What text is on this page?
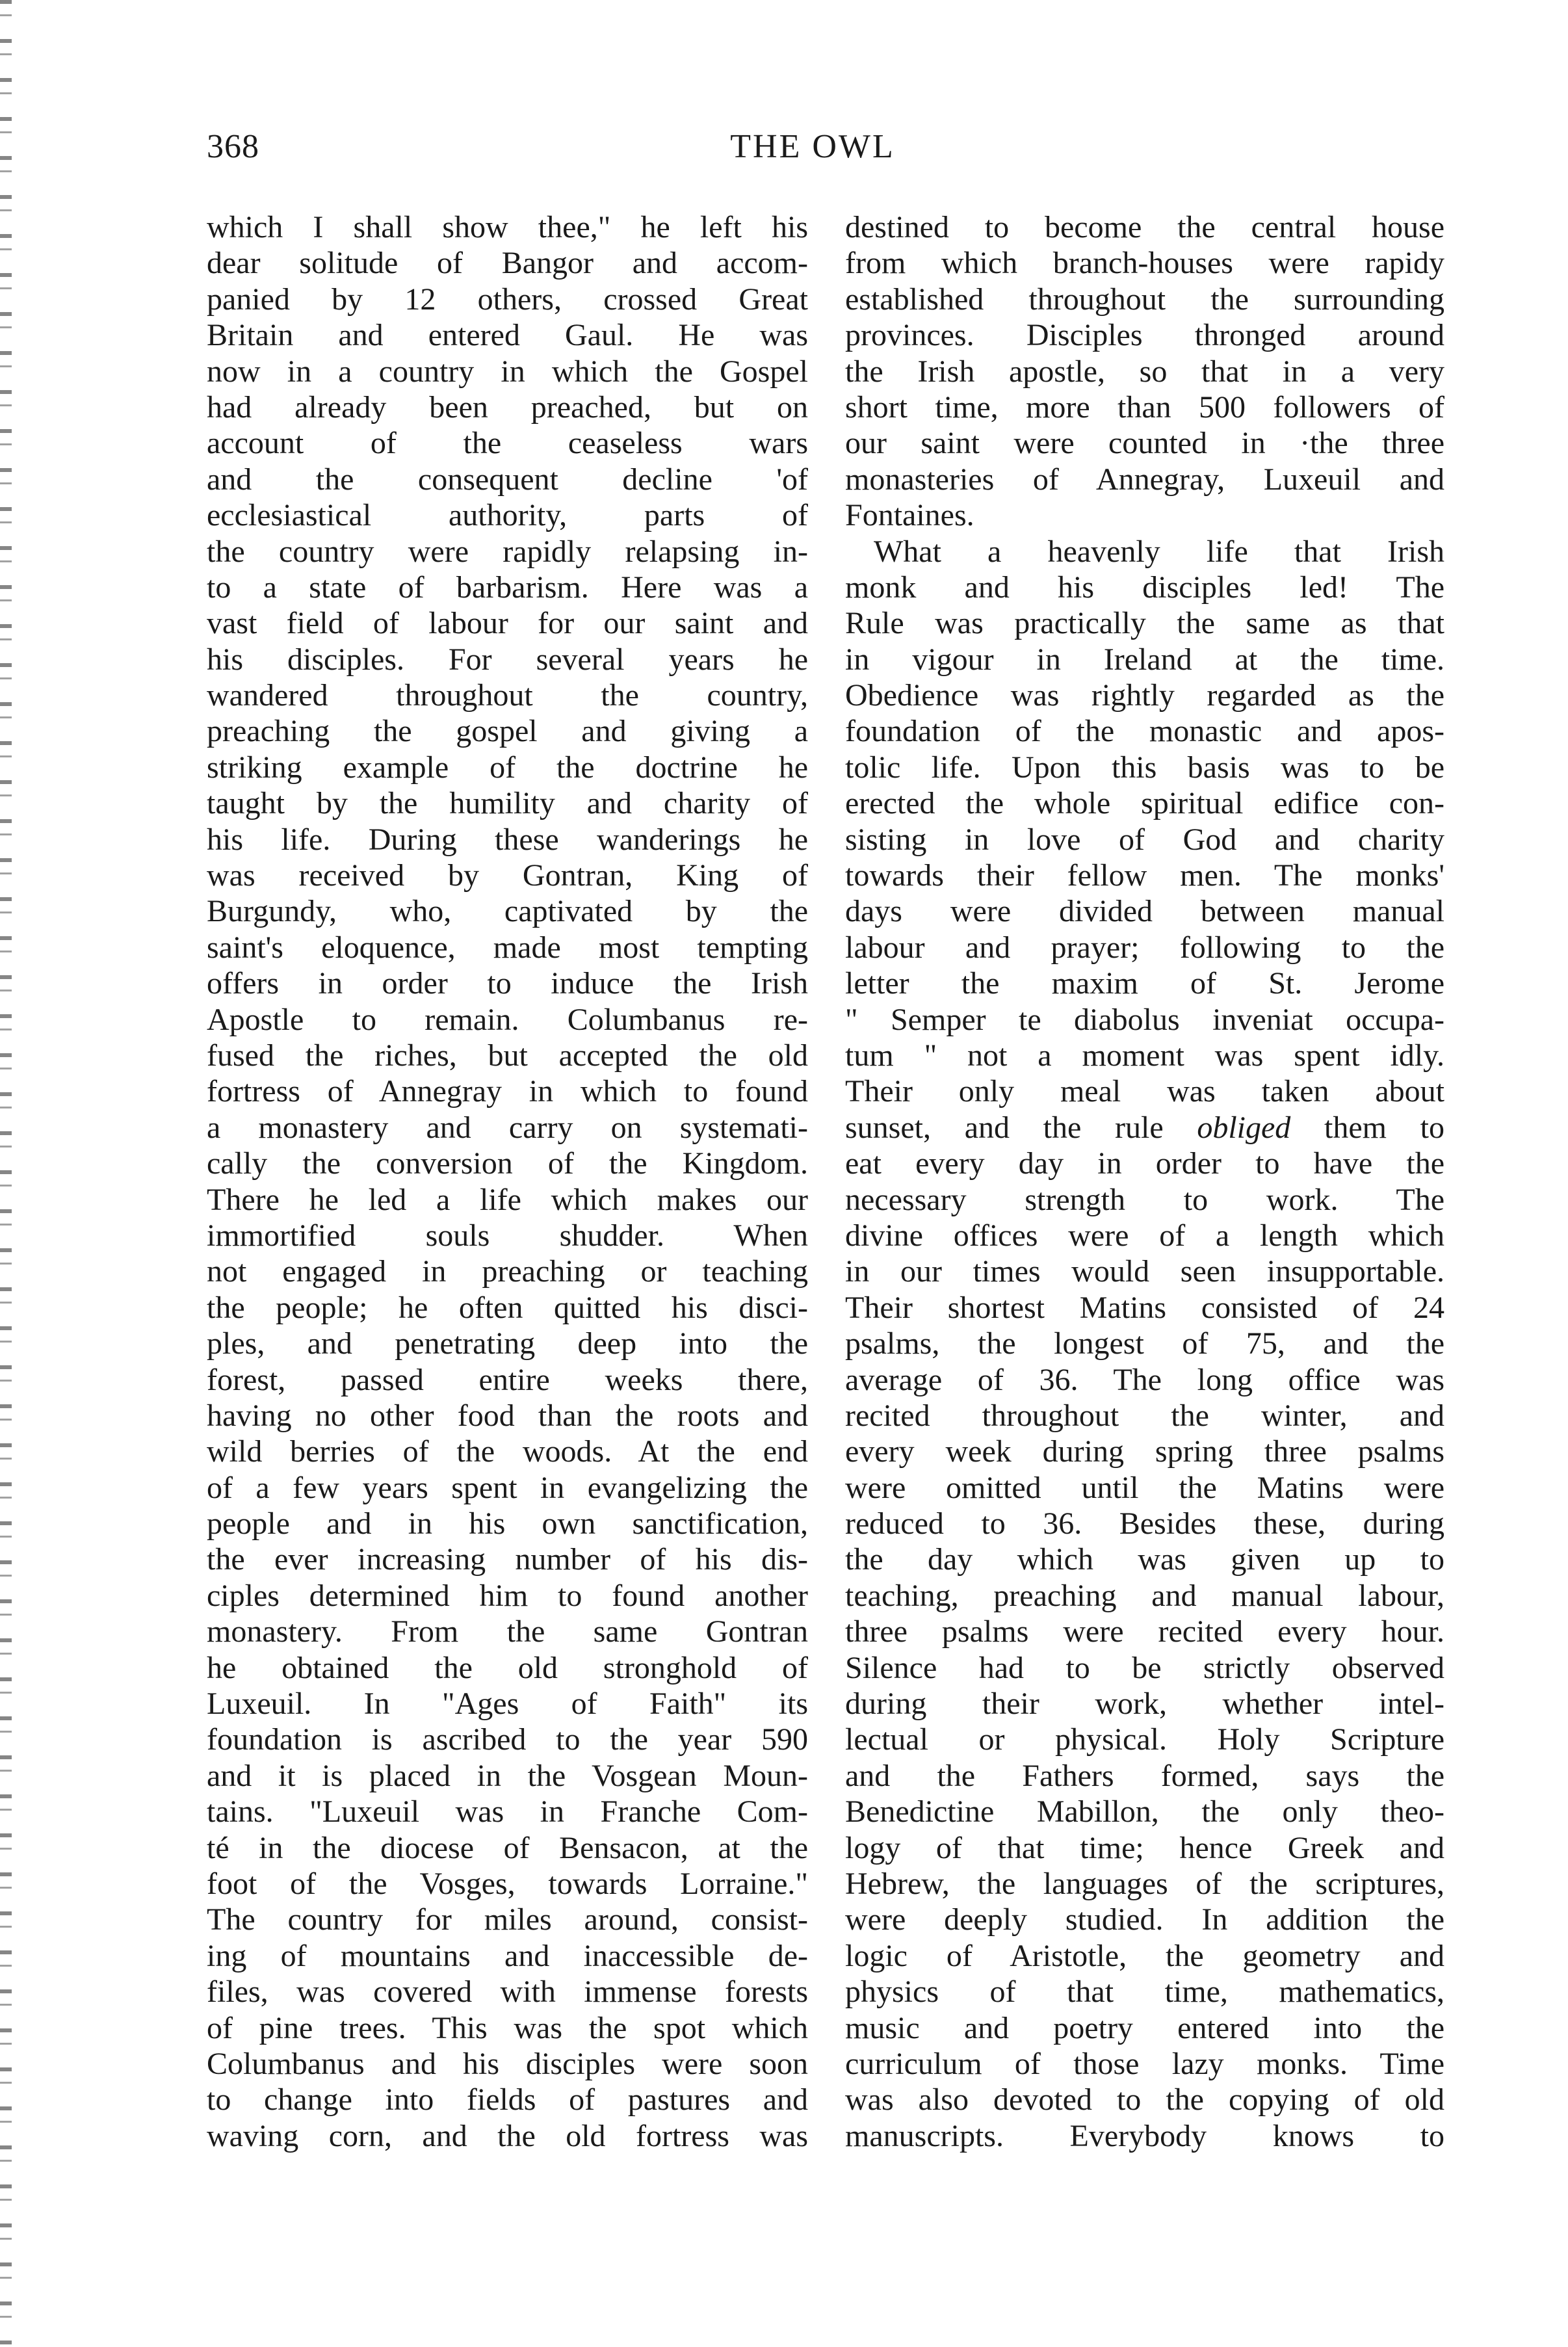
368	THE OWL
which I shall show thee," he left his
dear solitude of Bangor and accom-
panied by 12 others, crossed Great
Britain and entered Gaul. He was
now in a country in which the Gospel
had already been preached, but on
account of the ceaseless wars
and the consequent decline 'of
ecclesiastical authority, parts of
the country were rapidly relapsing in-
to a state of barbarism. Here was a
vast field of labour for our saint and
his disciples. For several years he
wandered throughout the country,
preaching the gospel and giving a
striking example of the doctrine he
taught by the humility and charity of
his life. During these wanderings he
was received by Gontran, King of
Burgundy, who, captivated by the
saint's eloquence, made most tempting
offers in order to induce the Irish
Apostle to remain. Columbanus re-
fused the riches, but accepted the old
fortress of Annegray in which to found
a monastery and carry on systemati-
cally the conversion of the Kingdom.
There he led a life which makes our
immortified souls shudder. When
not engaged in preaching or teaching
the people; he often quitted his disci-
ples, and penetrating deep into the
forest, passed entire weeks there,
having no other food than the roots and
wild berries of the woods. At the end
of a few years spent in evangelizing the
people and in his own sanctification,
the ever increasing number of his dis-
ciples determined him to found another
monastery. From the same Gontran
he obtained the old stronghold of
Luxeuil. In "Ages of Faith" its
foundation is ascribed to the year 590
and it is placed in the Vosgean Moun-
tains. "Luxeuil was in Franche Com-
té in the diocese of Bensacon, at the
foot of the Vosges, towards Lorraine."
The country for miles around, consist-
ing of mountains and inaccessible de-
files, was covered with immense forests
of pine trees. This was the spot which
Columbanus and his disciples were soon
to change into fields of pastures and
waving corn, and the old fortress was
destined to become the central house
from which branch-houses were rapidy
established throughout the surrounding
provinces. Disciples thronged around
the Irish apostle, so that in a very
short time, more than 500 followers of
our saint were counted in ·the three
monasteries of Annegray, Luxeuil and
Fontaines.
What a heavenly life that Irish
monk and his disciples led! The
Rule was practically the same as that
in vigour in Ireland at the time.
Obedience was rightly regarded as the
foundation of the monastic and apos-
tolic life. Upon this basis was to be
erected the whole spiritual edifice con-
sisting in love of God and charity
towards their fellow men. The monks'
days were divided between manual
labour and prayer; following to the
letter the maxim of St. Jerome
" Semper te diabolus inveniat occupa-
tum " not a moment was spent idly.
Their only meal was taken about
sunset, and the rule obliged them to
eat every day in order to have the
necessary strength to work. The
divine offices were of a length which
in our times would seen insupportable.
Their shortest Matins consisted of 24
psalms, the longest of 75, and the
average of 36. The long office was
recited throughout the winter, and
every week during spring three psalms
were omitted until the Matins were
reduced to 36. Besides these, during
the day which was given up to
teaching, preaching and manual labour,
three psalms were recited every hour.
Silence had to be strictly observed
during their work, whether intel-
lectual or physical. Holy Scripture
and the Fathers formed, says the
Benedictine Mabillon, the only theo-
logy of that time; hence Greek and
Hebrew, the languages of the scriptures,
were deeply studied. In addition the
logic of Aristotle, the geometry and
physics of that time, mathematics,
music and poetry entered into the
curriculum of those lazy monks. Time
was also devoted to the copying of old
manuscripts. Everybody knows to
